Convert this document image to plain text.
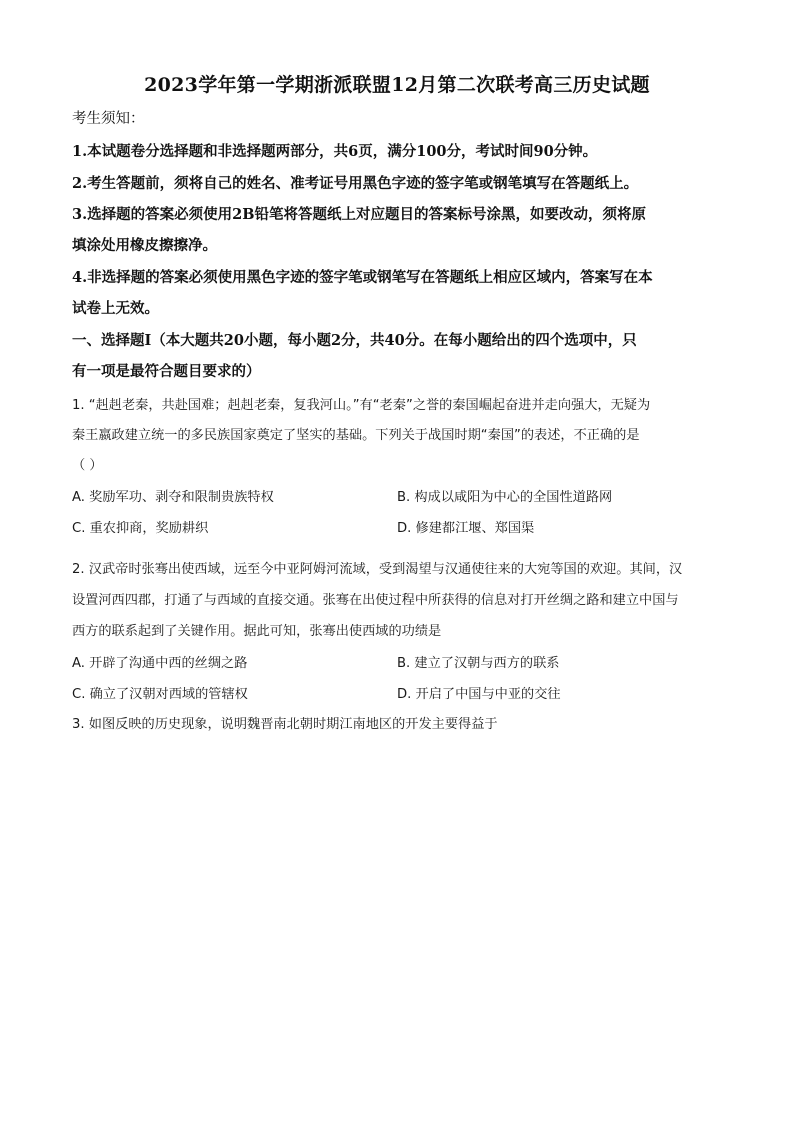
2023学年第一学期浙派联盟12月第二次联考高三历史试题
考生须知：
1.本试题卷分选择题和非选择题两部分，共6页，满分100分，考试时间90分钟。
2.考生答题前，须将自己的姓名、准考证号用黑色字迹的签字笔或钢笔填写在答题纸上。
3.选择题的答案必须使用2B铅笔将答题纸上对应题目的答案标号涂黑，如要改动，须将原
填涂处用橡皮擦擦净。
4.非选择题的答案必须使用黑色字迹的签字笔或钢笔写在答题纸上相应区域内，答案写在本
试卷上无效。
一、选择题Ⅰ（本大题共20小题，每小题2分，共40分。在每小题给出的四个选项中，只
有一项是最符合题目要求的）
1. “赳赳老秦，共赴国难；赳赳老秦，复我河山。”有“老秦”之誉的秦国崛起奋进并走向强大，无疑为
秦王嬴政建立统一的多民族国家奠定了坚实的基础。下列关于战国时期“秦国”的表述，不正确的是
（ ）
A. 奖励军功、剥夺和限制贵族特权	B. 构成以咸阳为中心的全国性道路网
C. 重农抑商，奖励耕织	D. 修建都江堰、郑国渠
2. 汉武帝时张骞出使西域，远至今中亚阿姆河流域，受到渴望与汉通使往来的大宛等国的欢迎。其间，汉
设置河西四郡，打通了与西域的直接交通。张骞在出使过程中所获得的信息对打开丝绸之路和建立中国与
西方的联系起到了关键作用。据此可知，张骞出使西域的功绩是
A. 开辟了沟通中西的丝绸之路	B. 建立了汉朝与西方的联系
C. 确立了汉朝对西域的管辖权	D. 开启了中国与中亚的交往
3. 如图反映的历史现象，说明魏晋南北朝时期江南地区的开发主要得益于
